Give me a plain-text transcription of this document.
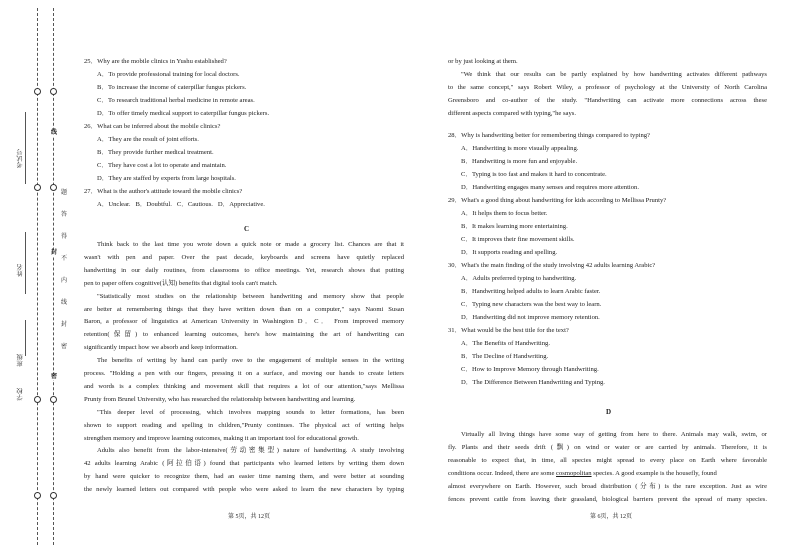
考试号
姓名
班级
学校
线
封
密
题
答
得
不
内
线
封
密
25．Why are the mobile clinics in Yushu established?
A．To provide professional training for local doctors.
B．To increase the income of caterpillar fungus pickers.
C．To research traditional herbal medicine in remote areas.
D．To offer timely medical support to caterpillar fungus pickers.
26．What can be inferred about the mobile clinics?
A．They are the result of joint efforts.
B．They provide further medical treatment.
C．They have cost a lot to operate and maintain.
D．They are staffed by experts from large hospitals.
27．What is the author's attitude toward the mobile clinics?
A．Unclear.   B．Doubtful.   C．Cautious.   D．Appreciative.
C
Think back to the last time you wrote down a quick note or made a grocery list. Chances are that it
wasn't with pen and paper. Over the past decade, keyboards and screens have quietly replaced
handwriting in our daily routines, from classrooms to office meetings. Yet, research shows that putting
pen to paper offers cognitive(认知) benefits that digital tools can't match.
"Statistically most studies on the relationship between handwriting and memory show that people
are better at remembering things that they have written down than on a computer," says Naomi Susan
Baron, a professor of linguistics at American University in Washington D．C． From improved memory
retention(保留) to enhanced learning outcomes, here's how maintaining the art of handwriting can
significantly impact how we absorb and keep information.
The benefits of writing by hand can partly owe to the engagement of multiple senses in the writing
process. "Holding a pen with our fingers, pressing it on a surface, and moving our hands to create letters
and words is a complex thinking and movement skill that requires a lot of our attention,"says Mellissa
Prunty from Brunel University, who has researched the relationship between handwriting and learning.
"This deeper level of processing, which involves mapping sounds to letter formations, has been
shown to support reading and spelling in children,"Prunty continues. The physical act of writing helps
strengthen memory and improve learning outcomes, making it an important tool for educational growth.
Adults also benefit from the labor-intensive(劳动密集型) nature of handwriting. A study involving
42 adults learning Arabic (阿拉伯语) found that participants who learned letters by writing them down
by hand were quicker to recognize them, had an easier time naming them, and were better at sounding
the newly learned letters out compared with people who were asked to learn the new characters by typing
第 5页，共 12页
or by just looking at them.
"We think that our results can be partly explained by how handwriting activates different pathways
to the same concept," says Robert Wiley, a professor of psychology at the University of North Carolina
Greensboro and co-author of the study. "Handwriting can activate more connections across these
different aspects compared with typing,"he says.
28．Why is handwriting better for remembering things compared to typing?
A．Handwriting is more visually appealing.
B．Handwriting is more fun and enjoyable.
C．Typing is too fast and makes it hard to concentrate.
D．Handwriting engages many senses and requires more attention.
29．What's a good thing about handwriting for kids according to Mellissa Prunty?
A．It helps them to focus better.
B．It makes learning more entertaining.
C．It improves their fine movement skills.
D．It supports reading and spelling.
30．What's the main finding of the study involving 42 adults learning Arabic?
A．Adults preferred typing to handwriting.
B．Handwriting helped adults to learn Arabic faster.
C．Typing new characters was the best way to learn.
D．Handwriting did not improve memory retention.
31．What would be the best title for the text?
A．The Benefits of Handwriting.
B．The Decline of Handwriting.
C．How to Improve Memory through Handwriting.
D．The Difference Between Handwriting and Typing.
D
Virtually all living things have some way of getting from here to there. Animals may walk, swim, or
fly. Plants and their seeds drift (飘) on wind or water or are carried by animals. Therefore, it is
reasonable to expect that, in time, all species might spread to every place on Earth where favorable
conditions occur. Indeed, there are some cosmopolitan species. A good example is the housefly, found
almost everywhere on Earth. However, such broad distribution (分布) is the rare exception. Just as wire
fences prevent cattle from leaving their grassland, biological barriers prevent the spread of many species.
第 6页，共 12页
